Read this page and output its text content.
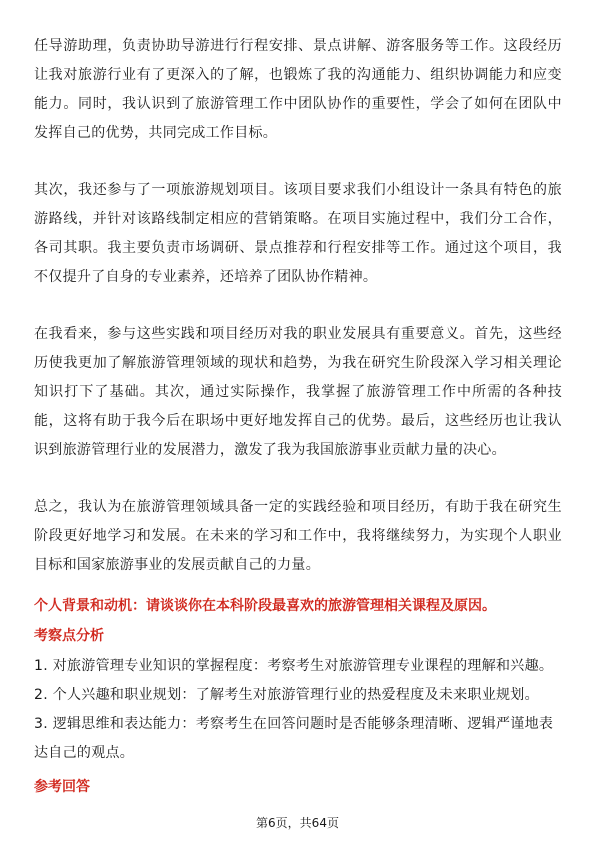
任导游助理，负责协助导游进行行程安排、景点讲解、游客服务等工作。这段经历让我对旅游行业有了更深入的了解，也锻炼了我的沟通能力、组织协调能力和应变能力。同时，我认识到了旅游管理工作中团队协作的重要性，学会了如何在团队中发挥自己的优势，共同完成工作目标。

其次，我还参与了一项旅游规划项目。该项目要求我们小组设计一条具有特色的旅游路线，并针对该路线制定相应的营销策略。在项目实施过程中，我们分工合作，各司其职。我主要负责市场调研、景点推荐和行程安排等工作。通过这个项目，我不仅提升了自身的专业素养，还培养了团队协作精神。

在我看来，参与这些实践和项目经历对我的职业发展具有重要意义。首先，这些经历使我更加了解旅游管理领域的现状和趋势，为我在研究生阶段深入学习相关理论知识打下了基础。其次，通过实际操作，我掌握了旅游管理工作中所需的各种技能，这将有助于我今后在职场中更好地发挥自己的优势。最后，这些经历也让我认识到旅游管理行业的发展潜力，激发了我为我国旅游事业贡献力量的决心。

总之，我认为在旅游管理领域具备一定的实践经验和项目经历，有助于我在研究生阶段更好地学习和发展。在未来的学习和工作中，我将继续努力，为实现个人职业目标和国家旅游事业的发展贡献自己的力量。

个人背景和动机：请谈谈你在本科阶段最喜欢的旅游管理相关课程及原因。

考察点分析

1. 对旅游管理专业知识的掌握程度：考察考生对旅游管理专业课程的理解和兴趣。
2. 个人兴趣和职业规划：了解考生对旅游管理行业的热爱程度及未来职业规划。
3. 逻辑思维和表达能力：考察考生在回答问题时是否能够条理清晰、逻辑严谨地表达自己的观点。

参考回答

第6页，共64页
